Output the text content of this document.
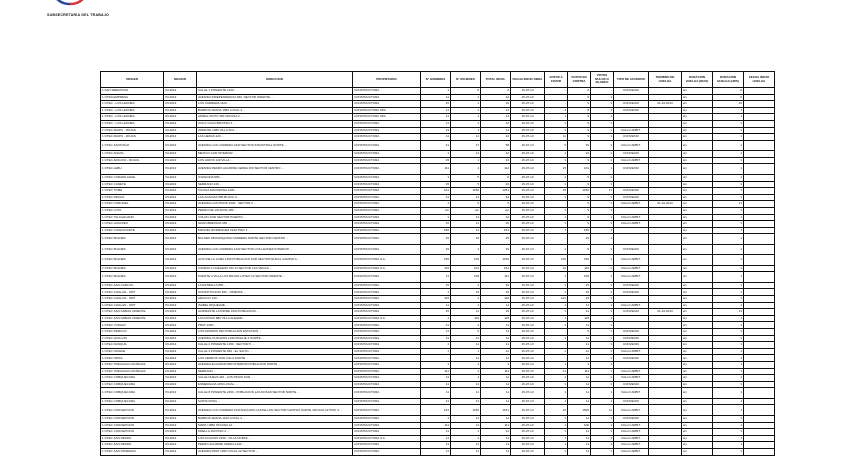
SUBSECRETARIA DEL TRABAJO
ORIGEN	REGION	DIRECCION	PROPIETARIO	N° HOMBRES	N° MUJERES	TOTAL INVOL	FECHA INICIO OBRA	VOTOS A FAVOR	VOTOS EN CONTRA	VOTOS NULOS O BLANCO	TIPO DE ACUERDO	TERMINO DE HUELGA	DURACION HUELGA (DIAS)	DURACION HUELGA (HRS)	FECHA INICIO HUELGA
1 SAN SEBASTIAN	VII-2013	CALLE 1 PONIENTE 1240 ...	CONSTRUCTORA	1	5	6	15-07-13	-	6	-	CONVENIO		sin	0	
1 OTRA EMPRESA	VII-2013	AVENIDA INDEPENDENCIA 840, SECTOR ORIENTE ...	CONSTRUCTORA	11	1	12	15-07-13	-	9	1			sin	0	
1 OTEC - LOS LEONES	VII-2013	LOS CARRERA 1120 ...	CONSTRUCTORA	15	1	16	15-07-13	-	9	1	CONVENIO	01-10-2013	sin	10	
1 OTEC - LOS LEONES	VII-2013	BARROS ARANA 1850 LOCAL 3 ...	CONSTRUCTORA SPA	11	1	12	15-07-13	-1	8	1	CONVENIO		sin	1	
1 OTEC - LOS LEONES	VII-2013	ANIBAL PINTO 450 OFICINA 2 ...	CONSTRUCTORA SPA	11	1	12	15-07-13	1	9	1			sin	1	
1 OTEC - LOS LEONES	VII-2013	COLO COLO 880 PISO 4 ...	CONSTRUCTORA	11	1	12	15-07-13	1	9	1			sin	1	
1 OTEC MAIPU - ROJAS	VII-2013	ORIENTE 1480 VILLA SOL ...	CONSTRUCTORA	13	1	14	15-07-13	1	9	1	FALLO ARBIT.		sin	1	
1 OTEC MAIPU - ROJAS	VII-2013	LAS HERAS 220 ...	CONSTRUCTORA	11	11	22	15-07-13	11	9	1	CONVENIO		sin	1	
1 OTEC SANTIAGO	VII-2013	AVENIDA LOS CARRERA 2340 SECTOR INDUSTRIAL NORTE ...	CONSTRUCTORA	41	17	58	15-07-13	5	36	1	FALLO ARBIT.		sin	1	
1 OTEC ANGOL	VII-2013	MEXICO 1230 INTERIOR ...	CONSTRUCTORA	1	11	12	15-07-13	1	10	1	CONVENIO		sin	1	
1 OTEC ARAUCO - ROJAS	VII-2013	LOS LIRIOS 140 VILLA ...	CONSTRUCTORA	15	1	16	15-07-13	1	9	1	FALLO ARBIT.		sin	1	
1 OTEC LEBU	VII-2013	AVENIDA PEDRO AGUIRRE CERDA 150 SECTOR CENTRO ...	CONSTRUCTORA	111	1	112	15-07-13	15	101	1	CONVENIO		sin	1	
1 OTEC CURANILAHUE	VII-2013	O'HIGGINS 980 ...	CONSTRUCTORA	1	5	6	15-07-13	1	5	1			sin	1	
1 OTEC CANETE	VII-2013	SERRANO 240 ...	CONSTRUCTORA	15	5	20	15-07-13	1	9	1			sin	1	
1 OTEC TOME	VII-2013	VICUNA MACKENNA 1200 ...	CONSTRUCTORA	101	1150	1251	15-07-13	15	1150	11	CONVENIO		sin	1	
1 OTEC PENCO	VII-2013	LAS ACACIAS 550 BLOCK C ...	CONSTRUCTORA	11	11	22	15-07-13	1	9	1	CONVENIO		sin	1	
1 OTEC CORONEL	VII-2013	AVENIDA LOS PINOS 1500 - SECTOR 2 ...	CONSTRUCTORA	1	5	6	15-07-13	-	5	1	FALLO ARBIT.	01-10-2013	sin	11	
1 OTEC LOTA	VII-2013	PEDRO DE VALDIVIA 180 ...	CONSTRUCTORA	sin	sin	sin	15-07-13	1	9	1			sin	1	
1 OTEC TALCAHUANO	VII-2013	COLON 1340 SECTOR PUERTO ...	CONSTRUCTORA	1	11	12	15-07-13	1	9	1	FALLO ARBIT.		sin	1	
1 OTEC HUALPEN	VII-2013	GRAN BRETANA 450 ...	CONSTRUCTORA	15	11	26	15-07-13	1	9	1	FALLO ARBIT.		sin	1	
1 OTEC CHIGUAYANTE	VII-2013	MANUEL RODRIGUEZ 2140 PISO 3 ...	CONSTRUCTORA	150	11	161	15-07-13	1	150	1			sin	1	
1 OTEC BULNES	VII-2013	BULNES 1890 ESQUINA CARRERA NORTE SECTOR CENTRO ...	CONSTRUCTORA	15	10	25	15-07-13	-	10	1			sin	1	
1 OTEC BULNES	VII-2013	AVENIDA LOS CARRERA 1240 SECTOR LOS LEONES INTERIOR ...	CONSTRUCTORA	15	1	16	15-07-13	1	9	1	CONVENIO		sin	1	
1 OTEC BULNES	VII-2013	ALTO DE LA LOMA 1450 POBLACION SUR SECTOR RURAL CAMINO A ...	CONSTRUCTORA S.A.	155	105	1150	15-07-13	105	150	1	FALLO ARBIT.		sin	1	
1 OTEC BULNES	VII-2013	CAMINO A COELEMU KM 14 SECTOR LAS VEGAS ...	CONSTRUCTORA S.A.	115	101	151	15-07-13	10	115	1	FALLO ARBIT.		sin	1	
1 OTEC BULNES	VII-2013	PUENTE 4 VILLA LOS REYES LOTEO 12 SECTOR ORIENTE ...	CONSTRUCTORA	11	100	111	15-07-13	1	100	1	FALLO ARBIT.		sin	1	
1 OTEC SAN CARLOS	VII-2013	LA ESTRELLA 850 ...	CONSTRUCTORA	15	1	16	15-07-13	1	15	1	CONVENIO		sin	1	
1 OTEC CHILLAN - ORT	VII-2013	CONSTITUCION 480 - ORIENTE ...	CONSTRUCTORA	1	15	16	15-07-13	1	15	1	CONVENIO		sin	1	
1 OTEC CHILLAN - ORT	VII-2013	ARAUCO 120 ...	CONSTRUCTORA	115	1	116	15-07-13	101	15	1			sin	1	
1 OTEC CHILLAN - ORT	VII-2013	ISABEL RIQUELME ...	CONSTRUCTORA	11	1	11	15-07-13	1	11	1	FALLO ARBIT.		sin	1	
1 OTEC SAN FABIAN ORIENTE	VII-2013	ALMIRANTE LATORRE 1520 POBLACION ...	CONSTRUCTORA	15	11	16	15-07-13	1	11	1	CONVENIO	01-10-2013	sin	11	
1 OTEC SAN FABIAN ORIENTE	VII-2013	LAS ROSAS 880 VILLA ALEGRE ...	CONSTRUCTORA S.A.	1	115	115	15-07-13	1	115	1			sin	1	
1 OTEC YUNGAY	VII-2013	PRAT 1250 ...	CONSTRUCTORA	11	1	11	15-07-13	1	11	1			sin	1	
1 OTEC PEMUCO	VII-2013	LOS AROMOS 450 POBLACION ESTACION ...	CONSTRUCTORA	11	5	11	15-07-13	-	5	1	CONVENIO		sin	1	
1 OTEC QUILLON	VII-2013	AVENIDA O'HIGGINS 1340 PASAJE 2 NORTE ...	CONSTRUCTORA	11	11	11	15-07-13	1	11	1	CONVENIO		sin	1	
1 OTEC RANQUIL	VII-2013	CALLE 2 PONIENTE 1150 - SECTOR 5 ...	CONSTRUCTORA	1	11	11	15-07-13	-	11	1	CONVENIO		sin	1	
1 OTEC NINHUE	VII-2013	CALLE 3 PONIENTE 840 - EL SALTO ...	CONSTRUCTORA	1	1	11	15-07-13	1	11	1	FALLO ARBIT.		sin	1	
1 OTEC NIPAS	VII-2013	LOS CEDROS 1520 VILLA NORTE ...	CONSTRUCTORA	-	11	11	15-07-13	-	11	1	CONVENIO		sin	1	
1 OTEC TREGUACO ANTENAS	VII-2013	AVENIDA ECUADOR 880 INTERIOR POBLACION NORTE ...	CONSTRUCTORA	1	1	1	15-07-13	1	1	1			sin	1	
1 OTEC TREGUACO ANTENAS	VII-2013	SERRANO ...	CONSTRUCTORA	111	1	111	15-07-13	11	111	1	FALLO ARBIT.		sin	1	
1 OTEC COBQUECURA	VII-2013	CALLE NUEVA 440 - LOS PINOS SUR ...	CONSTRUCTORA	11	1	11	15-07-13	1	11	1	FALLO ARBIT.		sin	1	
1 OTEC COBQUECURA	VII-2013	ESMERALDA 1150 LOCAL ...	CONSTRUCTORA	11	11	11	15-07-13	1	11	1	CONVENIO		sin	1	
1 OTEC COBQUECURA	VII-2013	CALLE 8 PONIENTE 2450 - POBLACION LAS ROSAS SECTOR NORTE ...	CONSTRUCTORA	11	11	11	15-07-13	1	11	1	FALLO ARBIT.		sin	1	
1 OTEC COBQUECURA	VII-2013	SANTA ROSA ...	CONSTRUCTORA	11	11	11	15-07-13	1	11	1	CONVENIO		sin	1	
1 OTEC CONCEPCION	VII-2013	AVENIDA LOS CARRERA 1540 ESQUINA CASTELLON SECTOR CENTRO NORTE OFICINA 22 PISO 4 ...	CONSTRUCTORA	151	1150	1151	15-07-13	10	1500	11	FALLO ARBIT.		sin	1	
1 OTEC CONCEPCION	VII-2013	BARROS ARANA 1120 LOCAL 4 ...	CONSTRUCTORA	1	11	11	15-07-13	1	11	1	CONVENIO		sin	1	
1 OTEC CONCEPCION	VII-2013	MAIPU 1850 OFICINA 12 ...	CONSTRUCTORA	111	11	111	15-07-13	1	100	1	FALLO ARBIT.		sin	1	
1 OTEC CONCEPCION	VII-2013	ORELLA 450 PISO 2 ...	CONSTRUCTORA	11	1	11	15-07-13	1	11	1	FALLO ARBIT.		sin	1	
1 OTEC SAN PEDRO	VII-2013	LOS ACACIOS 2150 - VILLA NORTE ...	CONSTRUCTORA S.A.	11	1	11	15-07-13	1	11	1	FALLO ARBIT.		sin	1	
1 OTEC SAN PEDRO	VII-2013	PEDRO AGUIRRE CERDA 1140 ...	CONSTRUCTORA	11	11	11	15-07-13	1	11	1	FALLO ARBIT.		sin	1	
1 OTEC SAN ROSENDO	VII-2013	AVENIDA PRAT 1250 LOCAL 22 SECTOR ...	CONSTRUCTORA	11	11	11	15-07-13	1	11	1	FALLO ARBIT.		sin	1	
